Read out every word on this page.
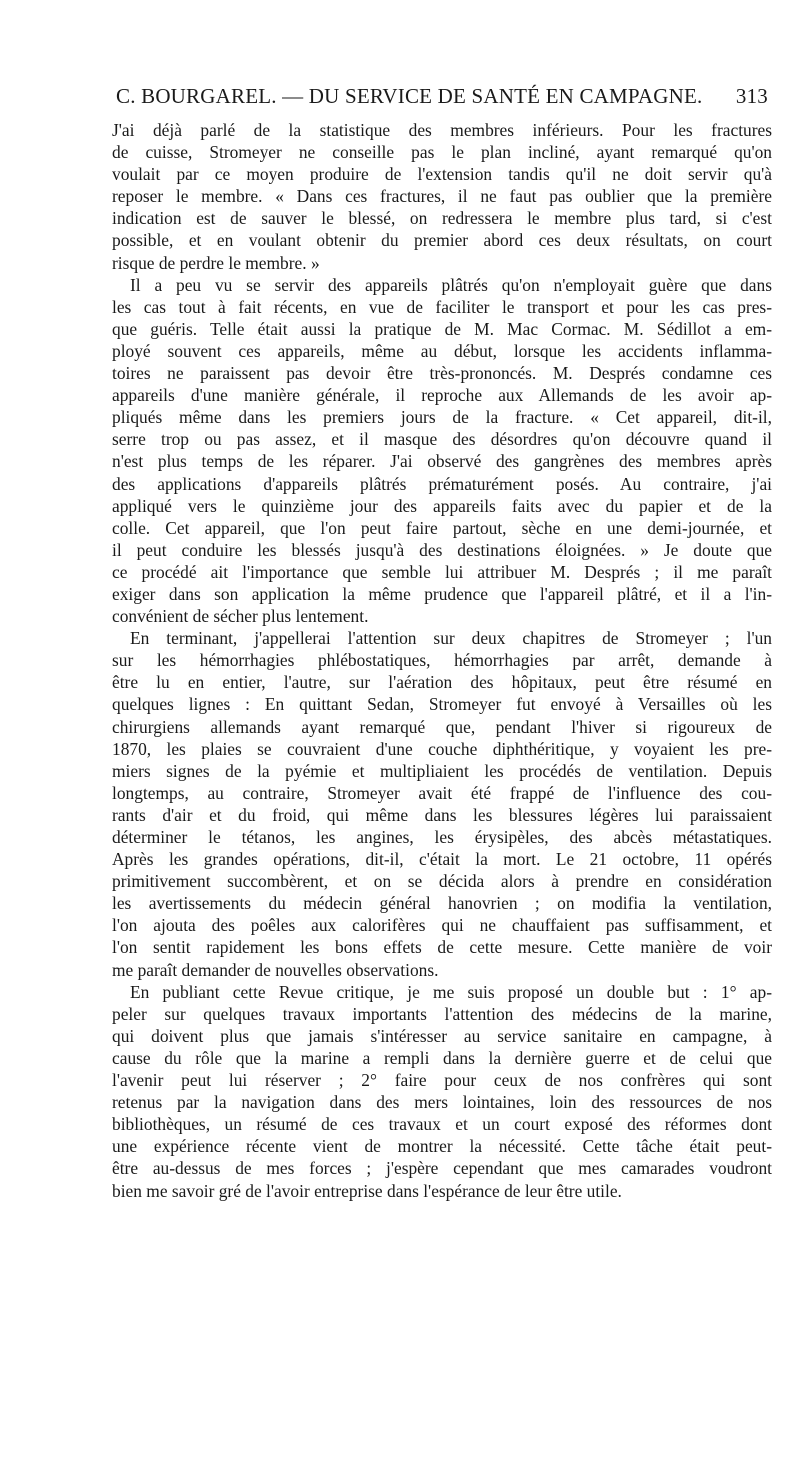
C. BOURGAREL. — DU SERVICE DE SANTÉ EN CAMPAGNE. 313
J'ai déjà parlé de la statistique des membres inférieurs. Pour les fractures
de cuisse, Stromeyer ne conseille pas le plan incliné, ayant remarqué qu'on
voulait par ce moyen produire de l'extension tandis qu'il ne doit servir qu'à
reposer le membre. « Dans ces fractures, il ne faut pas oublier que la première
indication est de sauver le blessé, on redressera le membre plus tard, si c'est
possible, et en voulant obtenir du premier abord ces deux résultats, on court
risque de perdre le membre. »
Il a peu vu se servir des appareils plâtrés qu'on n'employait guère que dans
les cas tout à fait récents, en vue de faciliter le transport et pour les cas pres-
que guéris. Telle était aussi la pratique de M. Mac Cormac. M. Sédillot a em-
ployé souvent ces appareils, même au début, lorsque les accidents inflamma-
toires ne paraissent pas devoir être très-prononcés. M. Després condamne ces
appareils d'une manière générale, il reproche aux Allemands de les avoir ap-
pliqués même dans les premiers jours de la fracture. « Cet appareil, dit-il,
serre trop ou pas assez, et il masque des désordres qu'on découvre quand il
n'est plus temps de les réparer. J'ai observé des gangrènes des membres après
des applications d'appareils plâtrés prématurément posés. Au contraire, j'ai
appliqué vers le quinzième jour des appareils faits avec du papier et de la
colle. Cet appareil, que l'on peut faire partout, sèche en une demi-journée, et
il peut conduire les blessés jusqu'à des destinations éloignées. » Je doute que
ce procédé ait l'importance que semble lui attribuer M. Després ; il me paraît
exiger dans son application la même prudence que l'appareil plâtré, et il a l'in-
convénient de sécher plus lentement.
En terminant, j'appellerai l'attention sur deux chapitres de Stromeyer ; l'un
sur les hémorrhagies phlébostatiques, hémorrhagies par arrêt, demande à
être lu en entier, l'autre, sur l'aération des hôpitaux, peut être résumé en
quelques lignes : En quittant Sedan, Stromeyer fut envoyé à Versailles où les
chirurgiens allemands ayant remarqué que, pendant l'hiver si rigoureux de
1870, les plaies se couvraient d'une couche diphthéritique, y voyaient les pre-
miers signes de la pyémie et multipliaient les procédés de ventilation. Depuis
longtemps, au contraire, Stromeyer avait été frappé de l'influence des cou-
rants d'air et du froid, qui même dans les blessures légères lui paraissaient
déterminer le tétanos, les angines, les érysipèles, des abcès métastatiques.
Après les grandes opérations, dit-il, c'était la mort. Le 21 octobre, 11 opérés
primitivement succombèrent, et on se décida alors à prendre en considération
les avertissements du médecin général hanovrien ; on modifia la ventilation,
l'on ajouta des poêles aux calorifères qui ne chauffaient pas suffisamment, et
l'on sentit rapidement les bons effets de cette mesure. Cette manière de voir
me paraît demander de nouvelles observations.
En publiant cette Revue critique, je me suis proposé un double but : 1° ap-
peler sur quelques travaux importants l'attention des médecins de la marine,
qui doivent plus que jamais s'intéresser au service sanitaire en campagne, à
cause du rôle que la marine a rempli dans la dernière guerre et de celui que
l'avenir peut lui réserver ; 2° faire pour ceux de nos confrères qui sont
retenus par la navigation dans des mers lointaines, loin des ressources de nos
bibliothèques, un résumé de ces travaux et un court exposé des réformes dont
une expérience récente vient de montrer la nécessité. Cette tâche était peut-
être au-dessus de mes forces ; j'espère cependant que mes camarades voudront
bien me savoir gré de l'avoir entreprise dans l'espérance de leur être utile.
